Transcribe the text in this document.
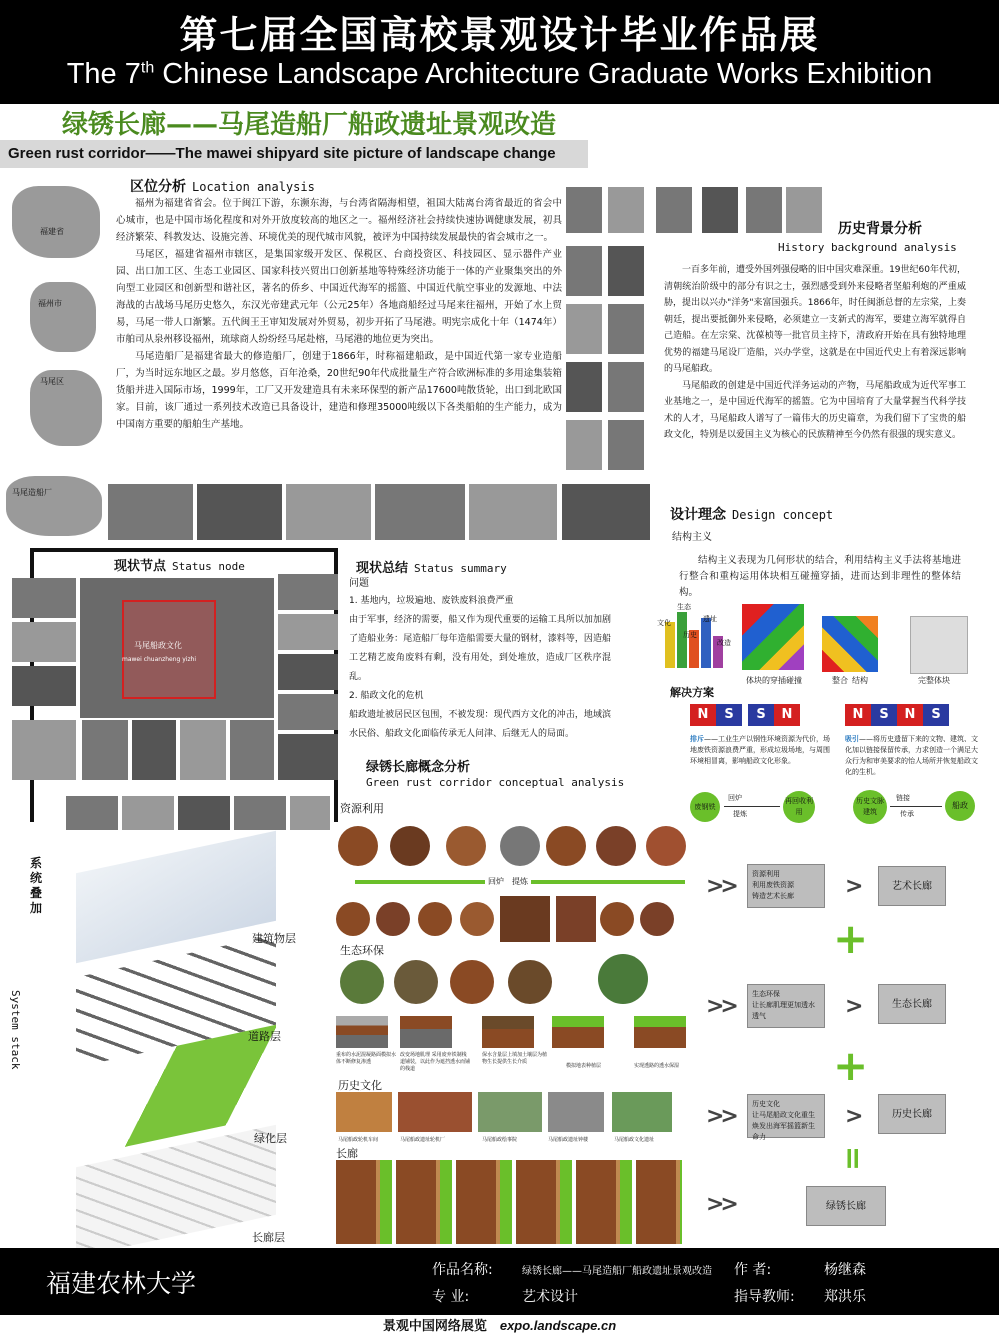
第七届全国高校景观设计毕业作品展
The 7th Chinese Landscape Architecture Graduate Works Exhibition
绿锈长廊——马尾造船厂船政遗址景观改造
Green rust corridor——The mawei shipyard site picture of landscape change
区位分析 Location analysis
福建省
福州市
马尾区
马尾造船厂

福州为福建省省会。位于闽江下游，东濒东海，与台湾省隔海相望，祖国大陆离台湾省最近的省会中心城市，也是中国市场化程度和对外开放度较高的地区之一。福州经济社会持续快速协调健康发展，初具经济繁荣、科教发达、设施完善、环境优美的现代城市风貌，被评为中国持续发展最快的省会城市之一。

马尾区，福建省福州市辖区，是集国家级开发区、保税区、台商投资区、科技园区、显示器件产业园、出口加工区、生态工业园区、国家科技兴贸出口创新基地等特殊经济功能于一体的产业聚集突出的外向型工业园区和创新型和谐社区，著名的侨乡、中国近代海军的摇篮、中国近代航空事业的发源地、中法海战的古战场马尾历史悠久，东汉光帝建武元年（公元25年）各地商船经过马尾来往福州，开始了水上贸易，马尾一带人口渐繁。五代闽王王审知发展对外贸易，初步开拓了马尾港。明宪宗成化十年（1474年）市舶司从泉州移设福州，琉球商人纷纷经马尾赴榕，马尾港的地位更为突出。

马尾造船厂是福建省最大的修造船厂，创建于1866年，时称福建船政，是中国近代第一家专业造船厂，为当时远东地区之最。岁月悠悠，百年沧桑，20世纪90年代成批量生产符合欧洲标准的多用途集装箱货船并进入国际市场，1999年，工厂又开发建造具有未来环保型的新产品17600吨散货轮，出口到北欧国家。目前，该厂通过一系列技术改造已具备设计，建造和修理35000吨级以下各类船舶的生产能力，成为中国南方重要的船舶生产基地。

历史背景分析
History background analysis

一百多年前，遭受外国列强侵略的旧中国灾难深重。19世纪60年代初，清朝统治阶级中的部分有识之士，强烈感受到外来侵略者坚船利炮的严重威胁，提出以兴办"洋务"来富国强兵。1866年，时任闽浙总督的左宗棠，上奏朝廷，提出要抵御外来侵略，必须建立一支新式的海军，要建立海军就得自己造船。在左宗棠、沈葆桢等一批官员主持下，清政府开始在具有独特地理优势的福建马尾设厂造船，兴办学堂，这就是在中国近代史上有着深远影响的马尾船政。

马尾船政的创建是中国近代洋务运动的产物，马尾船政成为近代军事工业基地之一，是中国近代海军的摇篮。它为中国培育了大量掌握当代科学技术的人才，马尾船政人谱写了一篇伟大的历史篇章，为我们留下了宝贵的船政文化，特别是以爱国主义为核心的民族精神至今仍然有很强的现实意义。

设计理念 Design concept
结构主义

结构主义表现为几何形状的结合，利用结构主义手法将基地进行整合和重构运用体块相互碰撞穿插，进而达到非理性的整体结构。

文化
生态
遗址
历史
改造
体块的穿插碰撞	整合 结构	完整体块
解决方案
N	S	S	N	N	S	N	S
排斥——工业生产以钢性环境资源为代价，场地废铁资源浪费严重，形成垃圾场地，与周围环境相冒离，影响船政文化形象。
吸引——将历史遗留下来的文物、建筑、文化加以链接保留传承，力求创造一个满足大众行为和审美要求的怡人场所并恢复船政文化的生机。
废钢铁
回炉
提炼
再回收利用
历史文脉建筑
链接
传承
船政
现状节点 Status node
马尾船政文化
mawei chuanzheng yizhi
现状总结 Status summary
问题
1. 基地内，垃圾遍地、废铁废料浪费严重
由于军事，经济的需要，船又作为现代重要的运输工具所以加加剧了造船业务：尾造船厂每年造船需要大量的钢材，漆料等，因造船工艺精艺废角废料有剩，没有用处，到处堆放，造成厂区秩序混乱。
2. 船政文化的危机
船政遗址被居民区包围，不被发现：现代西方文化的冲击，地域滨水民俗、船政文化面临传承无人问津、后继无人的局面。
绿锈长廊概念分析
Green rust corridor conceptual analysis
资源利用
回炉　 提炼
生态环保
重布的水泥混凝路面模拟水体不断修复渗透
改变场地肌理 采用废弃铁制栈道铺装，以此作为遮挡透水而铺的栈道
保水含量层上填加土壤层为植物生长提供生长介质
模拟地表种植层	实现透路的透水保湿
历史文化
马尾船政轮机车间	马尾船政遗址轮机厂	马尾船政绘事院	马尾船政遗址钟楼	马尾船政文化遗址
长廊
>> 资源利用
利用废铁资源
铸造艺术长廊	>	艺术长廊
+
>> 生态环保
让长廊肌理更加透水透气	>	生态长廊
+
>> 历史文化
让马尾船政文化重生
焕发出海军摇篮新生命力
>	历史长廊
=
>>	绿锈长廊
系统叠加
System stack
建筑物层
道路层
绿化层
长廊层
福建农林大学	作品名称:	绿锈长廊——马尾造船厂船政遗址景观改造 作 者:	杨继森
专 业:	艺术设计	指导教师: 郑洪乐
景观中国网络展览　 expo.landscape.cn
